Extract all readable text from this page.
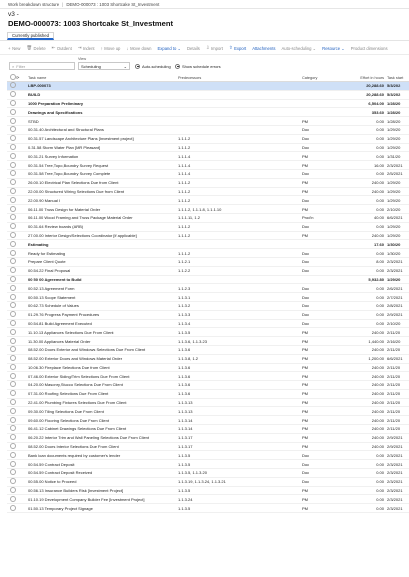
Work breakdown structure | DEMO-000073 : 1003 Shortcake St_Investment
v3 -
DEMO-000073: 1003 Shortcake St_Investment
Currently published
+ New 🗑 Delete ⇤ Outdent ⇥ Indent ↑ Move up ↓ Move down Expand to ⌄ Details ⇩ Import ⇧ Export Attachments Auto-scheduling ⌄ Resource ⌄ Product dimensions
View
⌕ Filter	Scheduling	⌄	Auto-scheduling	Show schedule errors
⟳	Task name	Predecessors	Category	Effort in hours Task start
LBP-000073	20,288.60 5/3/202
BUILD	20,288.60 5/3/202
1000 Preparation Preliminary	6,504.00 1/28/20
Drawings and Specifications	353.60 1/28/20
STBD	PM	0.00 1/28/20
00.31.40 Architectural and Structural Plans	Doc	0.00 1/29/20
00.31.57 Landscape Architecture Plans [Investment project]	1.1.1.2	Doc	0.00 1/29/20
0.31.58 Storm Water Plan [MR Pleasant]	1.1.1.2	Doc	0.00 1/29/20
00.31.21 Survey Information	1.1.1.4	PM	0.00 1/31/20
00.31.54 Tree,Topo,Boundry Survey Request	1.1.1.4	PM	16.00 2/3/2021
00.31.58 Tree,Topo,Boundry Survey Complete	1.1.1.4	Doc	0.00 2/5/2021
26.00.10 Electrical Plan Selections Due from Client	1.1.1.2	PM	240.00 1/29/20
22.00.00 Structured Wiring Selections Due from Client	1.1.1.2	PM	240.00 1/29/20
22.00.90 Manual I	1.1.1.2	Doc	0.00 1/29/20
06.11.00 Truss Design for Material Order	1.1.1.2, 1.1.1.8, 1.1.1.10	PM	0.00 2/10/20
06.11.00 Wood Framing and Truss Package Material Order	1.1.1.11, 1.2	Prod'n	40.00 6/6/2021
00.31.64 Review boards (ARB)	1.1.1.2	Doc	0.00 1/29/20
27.00.00 Interior Design/Selections Coordinator [if applicable]	1.1.1.2	PM	240.00 1/29/20
Estimating	17.60 1/30/20
Ready for Estimating	1.1.1.2	Doc	0.00 1/30/20
Prepare Client Quote	1.1.2.1	Doc	8.00 2/3/2021
00.54.22 Final Proposal	1.1.2.2	Doc	0.00 2/3/2021
00 50 00 Agreement to Build	5,932.80 1/29/20
00.52.13 Agreement Form	1.1.2.3	Doc	0.00 2/6/2021
00.50.13 Scope Statement	1.1.3.1	Doc	0.00 2/7/2021
00.62.73 Schedule of Values	1.1.3.2	Doc	0.00 2/8/2021
01.29.76 Progress Payment Procedures	1.1.3.3	Doc	0.00 2/9/2021
00.54.81 Build Agreement Executed	1.1.3.4	Doc	0.00 2/10/20
11.10.13 Appliances Selections Due From Client	1.1.3.5	PM	240.00 2/11/20
11.30.00 Appliances Material Order	1.1.3.6, 1.1.3.23	PM	1,440.00 2/16/20
08.52.00 Doors Exterior and Windows Selections Due From Client	1.1.3.6	PM	240.00 2/11/20
08.52.00 Exterior Doors and Windows Material Order	1.1.3.8, 1.2	PM	1,200.00 6/6/2021
10.06.30 Fireplace Selections Due from Client	1.1.3.6	PM	240.00 2/11/20
07.46.00 Exterior Siding/Trim Selections Due From Client	1.1.3.6	PM	240.00 2/11/20
04.20.00 Masonry,Stucco Selections Due From Client	1.1.3.6	PM	240.00 2/11/20
07.31.00 Roofing Selections Due From Client	1.1.3.6	PM	240.00 2/11/20
22.41.00 Plumbing Fixtures Selections Due From Client	1.1.3.13	PM	240.00 2/11/20
09.30.00 Tiling Selections Due From Client	1.1.3.13	PM	240.00 2/11/20
09.60.00 Flooring Selections Due From Client	1.1.3.14	PM	240.00 2/11/20
06.41.12 Cabinet Drawings Selections Due From Client	1.1.3.14	PM	240.00 2/11/20
06.20.22 Interior Trim and Wall Paneling Selections Due From Client	1.1.3.17	PM	240.00 2/9/2021
08.52.00 Doors Interior Selections Due From Client	1.1.3.17	PM	240.00 2/9/2021
Bank loan documents required by customer's lender	1.1.3.5	Doc	0.00 2/3/2021
00.54.59 Contract Deposit	1.1.3.5	Doc	0.00 2/3/2021
00.54.59 Contract Deposit Received	1.1.3.5, 1.1.3.20	Doc	0.00 2/3/2021
00.55.00 Notice to Proceed	1.1.3.19, 1.1.3.24, 1.1.3.21	Doc	0.00 2/3/2021
00.56.13 Insurance Builders Risk [Investment Project]	1.1.3.5	PM	0.00 2/3/2021
01.10.19 Development Company Builder Fee [Investment Project]	1.1.3.24	PM	0.00 2/3/2021
01.50.13 Temporary Project Signage	1.1.3.5	PM	0.00 2/3/2021
